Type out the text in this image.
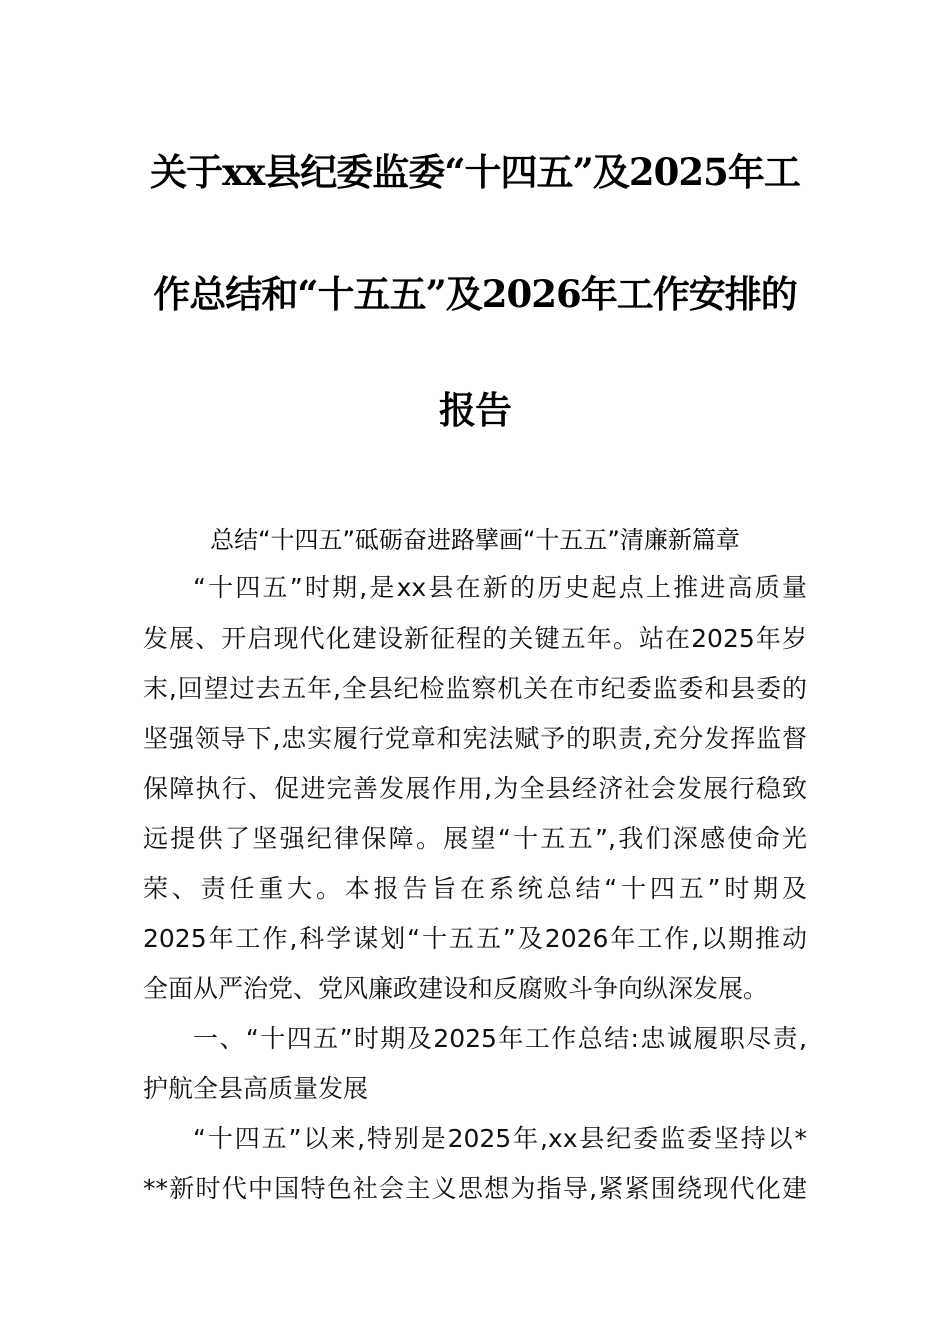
关于xx县纪委监委“十四五”及2025年工
作总结和“十五五”及2026年工作安排的
报告
总结“十四五”砥砺奋进路擘画“十五五”清廉新篇章
“十四五”时期,是xx县在新的历史起点上推进高质量
发展、开启现代化建设新征程的关键五年。站在2025年岁
末,回望过去五年,全县纪检监察机关在市纪委监委和县委的
坚强领导下,忠实履行党章和宪法赋予的职责,充分发挥监督
保障执行、促进完善发展作用,为全县经济社会发展行稳致
远提供了坚强纪律保障。展望“十五五”,我们深感使命光
荣、责任重大。本报告旨在系统总结“十四五”时期及
2025年工作,科学谋划“十五五”及2026年工作,以期推动
全面从严治党、党风廉政建设和反腐败斗争向纵深发展。
一、“十四五”时期及2025年工作总结:忠诚履职尽责,
护航全县高质量发展
“十四五”以来,特别是2025年,xx县纪委监委坚持以*
**新时代中国特色社会主义思想为指导,紧紧围绕现代化建
